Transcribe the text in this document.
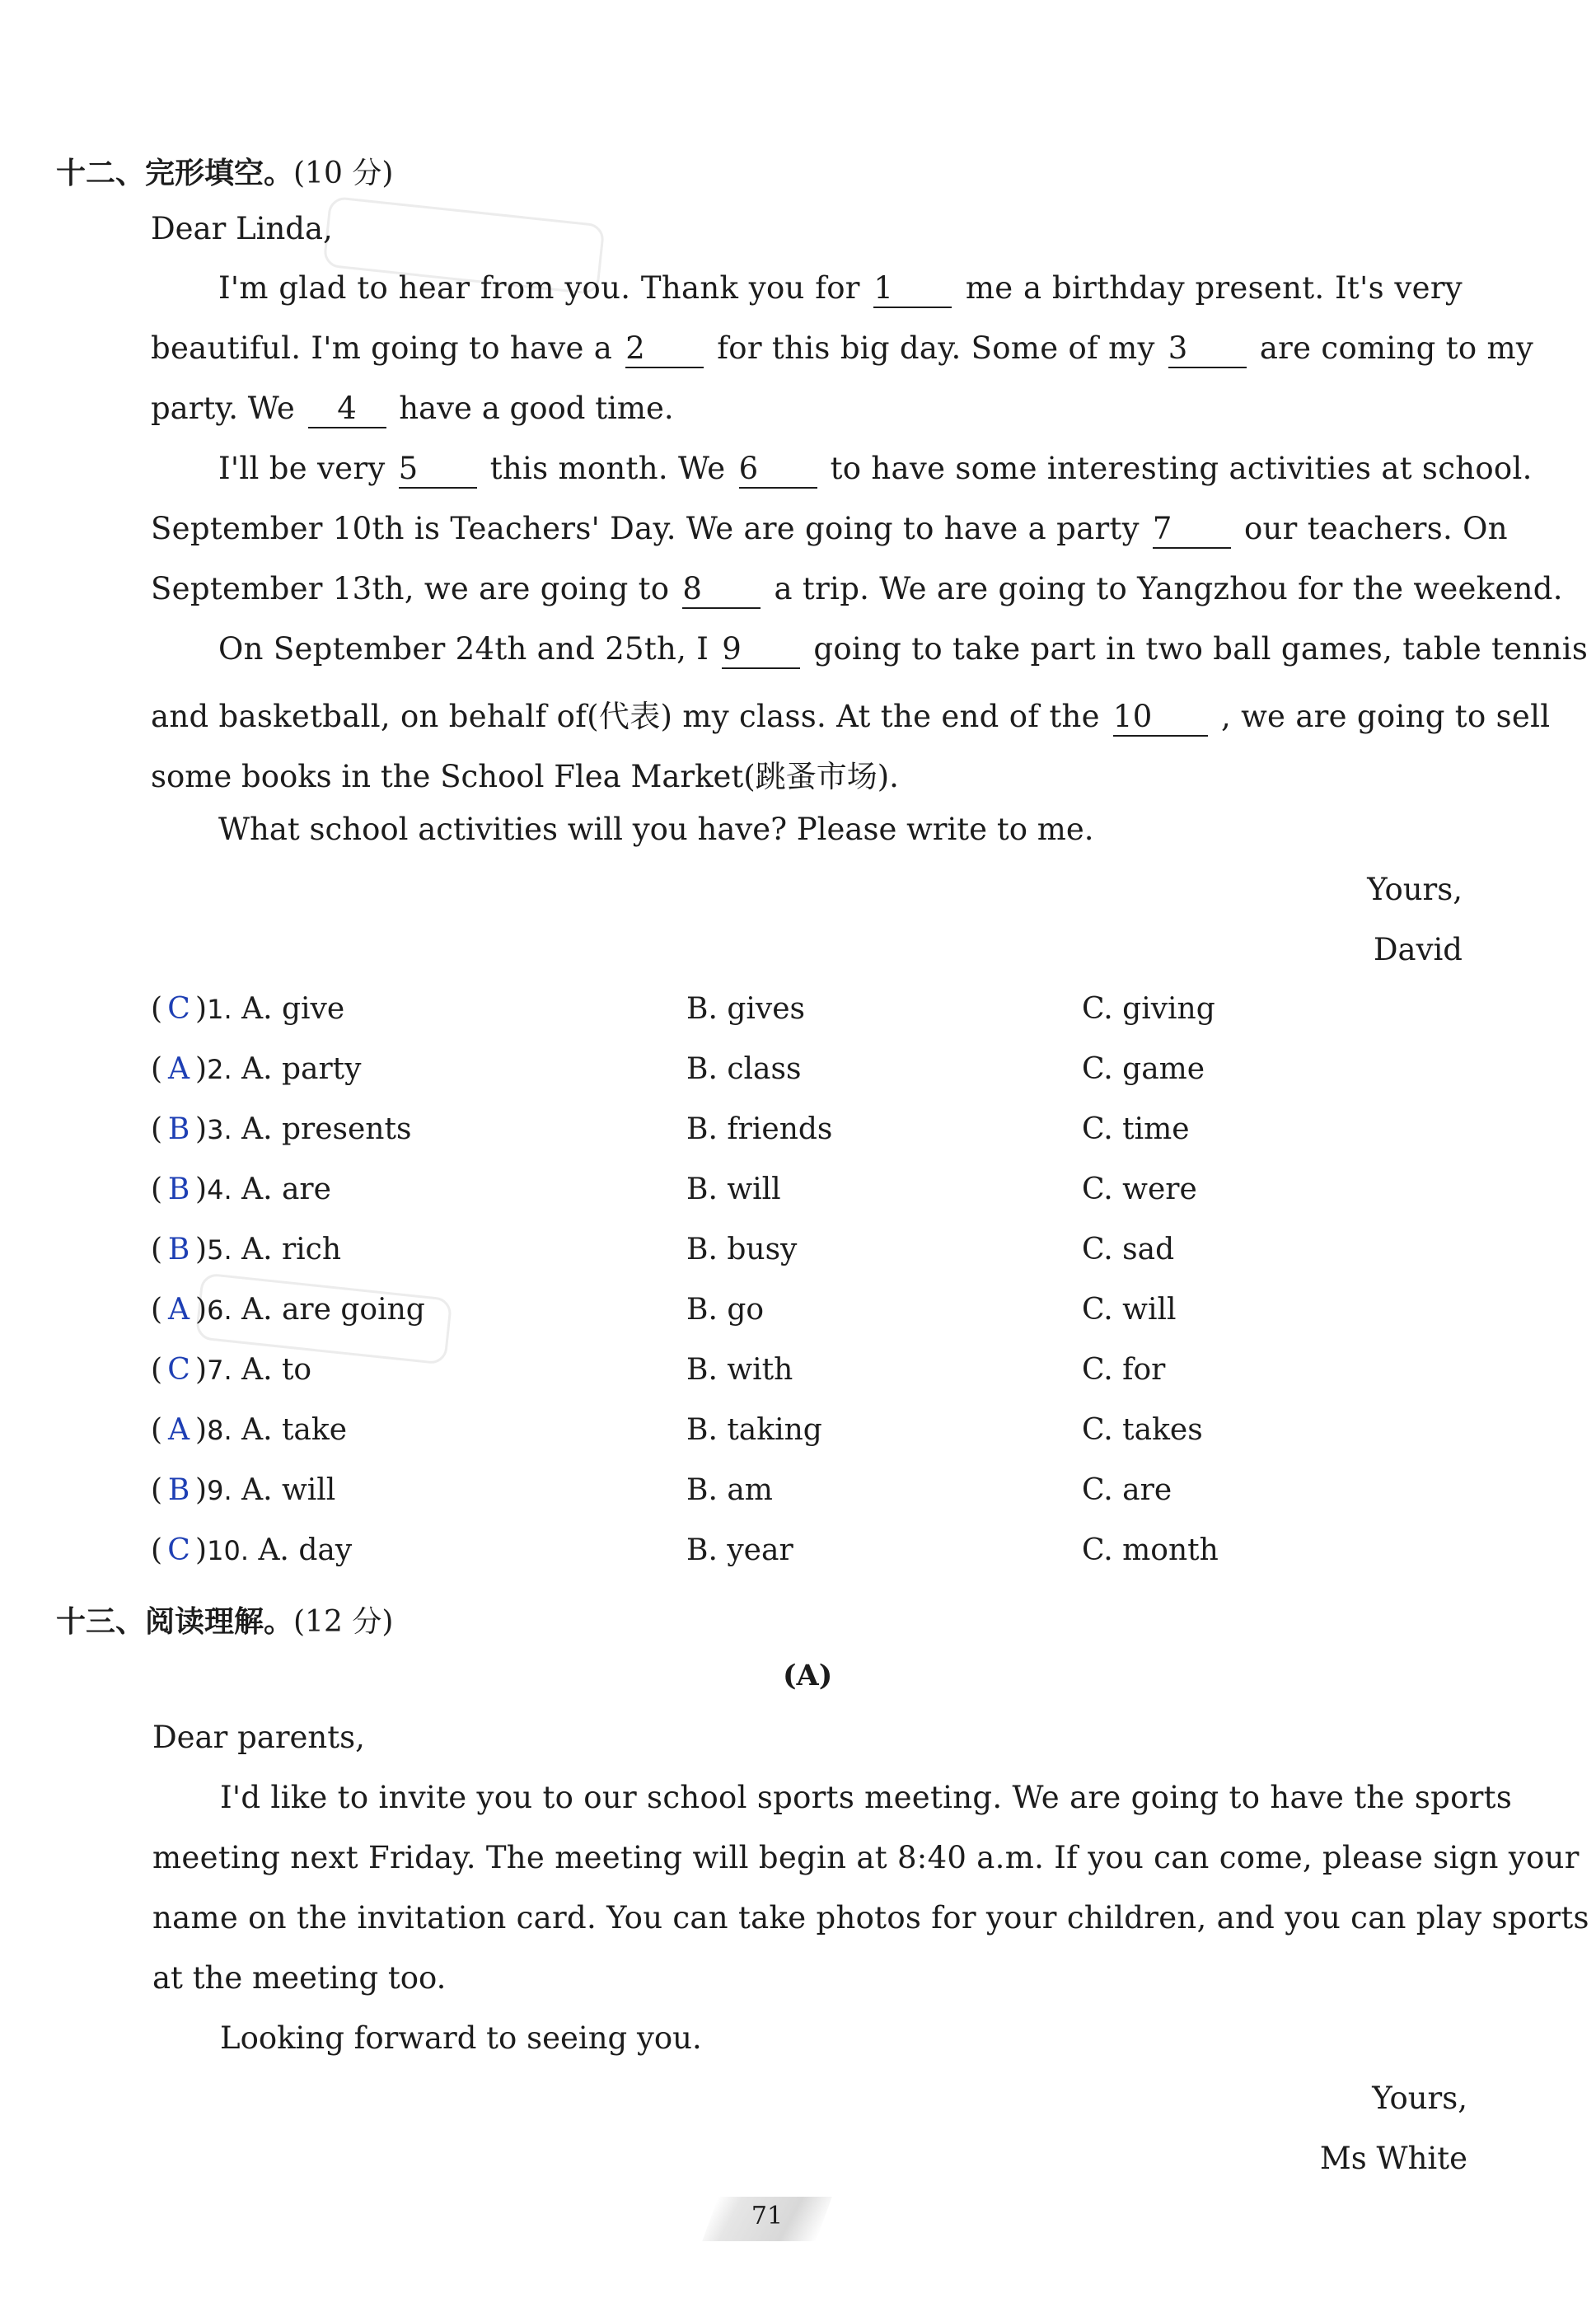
十二、完形填空。(10 分)
Dear Linda,
I'm glad to hear from you. Thank you for 1 me a birthday present. It's very
beautiful. I'm going to have a 2 for this big day. Some of my 3 are coming to my
party. We 4 have a good time.
I'll be very 5 this month. We 6 to have some interesting activities at school.
September 10th is Teachers' Day. We are going to have a party 7 our teachers. On
September 13th, we are going to 8 a trip. We are going to Yangzhou for the weekend.
On September 24th and 25th, I 9 going to take part in two ball games, table tennis
and basketball, on behalf of(代表) my class. At the end of the 10 , we are going to sell
some books in the School Flea Market(跳蚤市场).
What school activities will you have? Please write to me.
Yours,
David
( C )1. A. give	B. gives	C. giving
( A )2. A. party	B. class	C. game
( B )3. A. presents	B. friends	C. time
( B )4. A. are	B. will	C. were
( B )5. A. rich	B. busy	C. sad
( A )6. A. are going	B. go	C. will
( C )7. A. to	B. with	C. for
( A )8. A. take	B. taking	C. takes
( B )9. A. will	B. am	C. are
( C )10. A. day	B. year	C. month
十三、阅读理解。(12 分)
(A)
Dear parents,
I'd like to invite you to our school sports meeting. We are going to have the sports
meeting next Friday. The meeting will begin at 8:40 a.m. If you can come, please sign your
name on the invitation card. You can take photos for your children, and you can play sports
at the meeting too.
Looking forward to seeing you.
Yours,
Ms White
71
